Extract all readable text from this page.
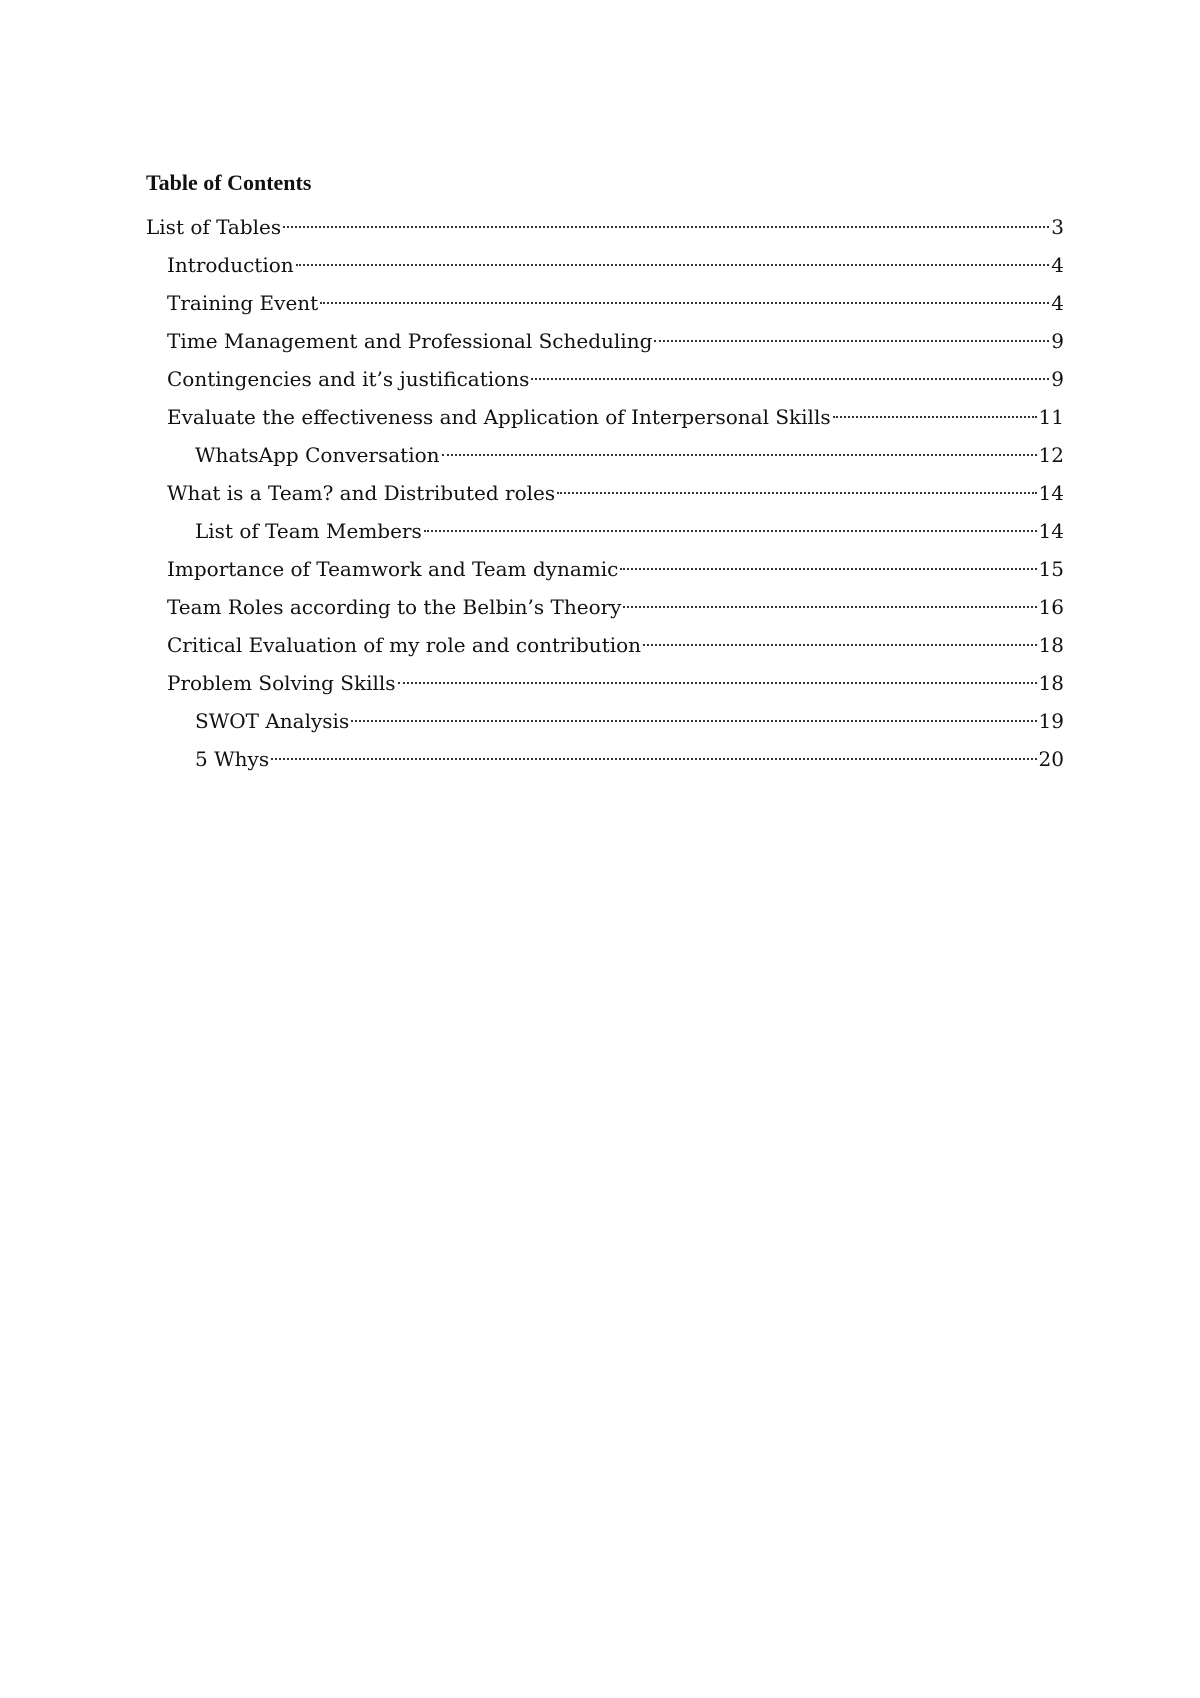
Table of Contents
List of Tables	3
Introduction	4
Training Event	4
Time Management and Professional Scheduling	9
Contingencies and it’s justifications	9
Evaluate the effectiveness and Application of Interpersonal Skills	11
WhatsApp Conversation	12
What is a Team? and Distributed roles	14
List of Team Members	14
Importance of Teamwork and Team dynamic	15
Team Roles according to the Belbin’s Theory	16
Critical Evaluation of my role and contribution	18
Problem Solving Skills	18
SWOT Analysis	19
5 Whys	20
